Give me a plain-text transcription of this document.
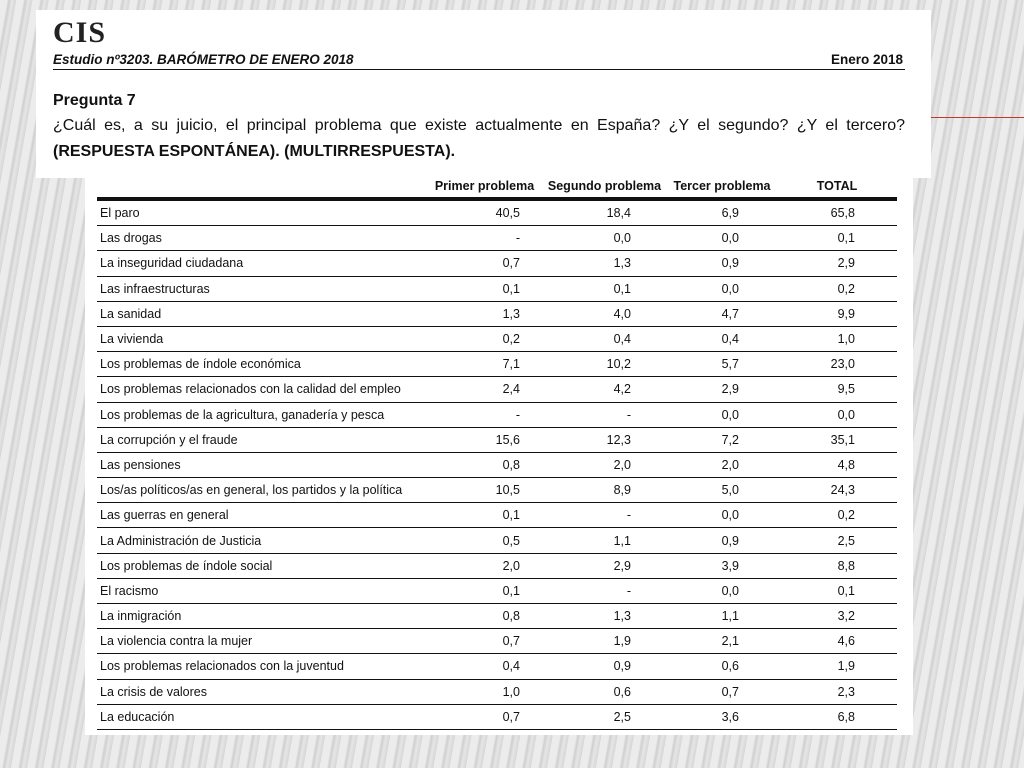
CIS
Estudio nº3203. BARÓMETRO DE ENERO 2018	Enero 2018
Pregunta 7
¿Cuál es, a su juicio, el principal problema que existe actualmente en España? ¿Y el segundo? ¿Y el tercero?
(RESPUESTA ESPONTÁNEA). (MULTIRRESPUESTA).
	Primer problema	Segundo problema	Tercer problema	TOTAL
El paro	40,5	18,4	6,9	65,8
Las drogas	-	0,0	0,0	0,1
La inseguridad ciudadana	0,7	1,3	0,9	2,9
Las infraestructuras	0,1	0,1	0,0	0,2
La sanidad	1,3	4,0	4,7	9,9
La vivienda	0,2	0,4	0,4	1,0
Los problemas de índole económica	7,1	10,2	5,7	23,0
Los problemas relacionados con la calidad del empleo	2,4	4,2	2,9	9,5
Los problemas de la agricultura, ganadería y pesca	-	-	0,0	0,0
La corrupción y el fraude	15,6	12,3	7,2	35,1
Las pensiones	0,8	2,0	2,0	4,8
Los/as políticos/as en general, los partidos y la política	10,5	8,9	5,0	24,3
Las guerras en general	0,1	-	0,0	0,2
La Administración de Justicia	0,5	1,1	0,9	2,5
Los problemas de índole social	2,0	2,9	3,9	8,8
El racismo	0,1	-	0,0	0,1
La inmigración	0,8	1,3	1,1	3,2
La violencia contra la mujer	0,7	1,9	2,1	4,6
Los problemas relacionados con la juventud	0,4	0,9	0,6	1,9
La crisis de valores	1,0	0,6	0,7	2,3
La educación	0,7	2,5	3,6	6,8
